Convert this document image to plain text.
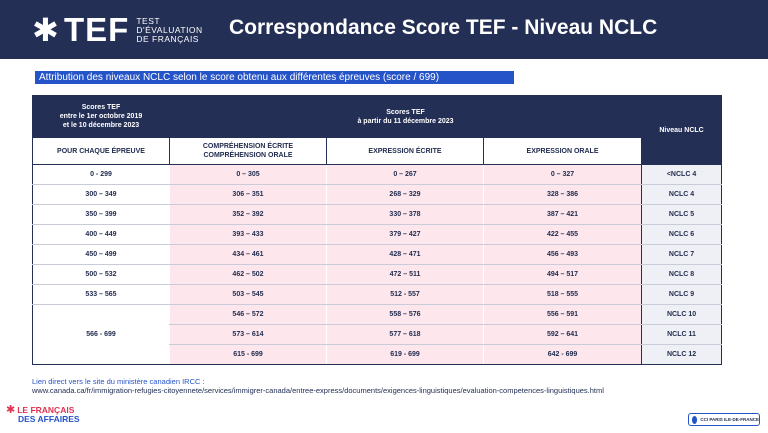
✱ TEF TEST
D'ÉVALUATION
DE FRANÇAIS Correspondance Score TEF - Niveau NCLC
Attribution des niveaux NCLC selon le score obtenu aux différentes épreuves (score / 699)
Scores TEF
entre le 1er octobre 2019
et le 10 décembre 2023	Scores TEF
à partir du 11 décembre 2023			Niveau NCLC
POUR CHAQUE ÉPREUVE	COMPRÉHENSION ÉCRITE
COMPRÉHENSION ORALE	EXPRESSION ÉCRITE	EXPRESSION ORALE	
0 - 299	0 – 305	0 – 267	0 – 327	<NCLC 4
300 – 349	306 – 351	268 – 329	328 – 386	NCLC 4
350 – 399	352 – 392	330 – 378	387 – 421	NCLC 5
400 – 449	393 – 433	379 – 427	422 – 455	NCLC 6
450 – 499	434 – 461	428 – 471	456 – 493	NCLC 7
500 – 532	462 – 502	472 – 511	494 – 517	NCLC 8
533 – 565	503 – 545	512 - 557	518 – 555	NCLC 9
566 - 699	546 – 572	558 – 576	556 – 591	NCLC 10
	573 – 614	577 – 618	592 – 641	NCLC 11
	615 - 699	619 - 699	642 - 699	NCLC 12
Lien direct vers le site du ministère canadien IRCC :
www.canada.ca/fr/immigration-refugies-citoyennete/services/immigrer-canada/entree-express/documents/exigences-linguistiques/evaluation-competences-linguistiques.html
✱ LE FRANÇAIS
DES AFFAIRES	CCI PARIS ILE-DE-FRANCE
